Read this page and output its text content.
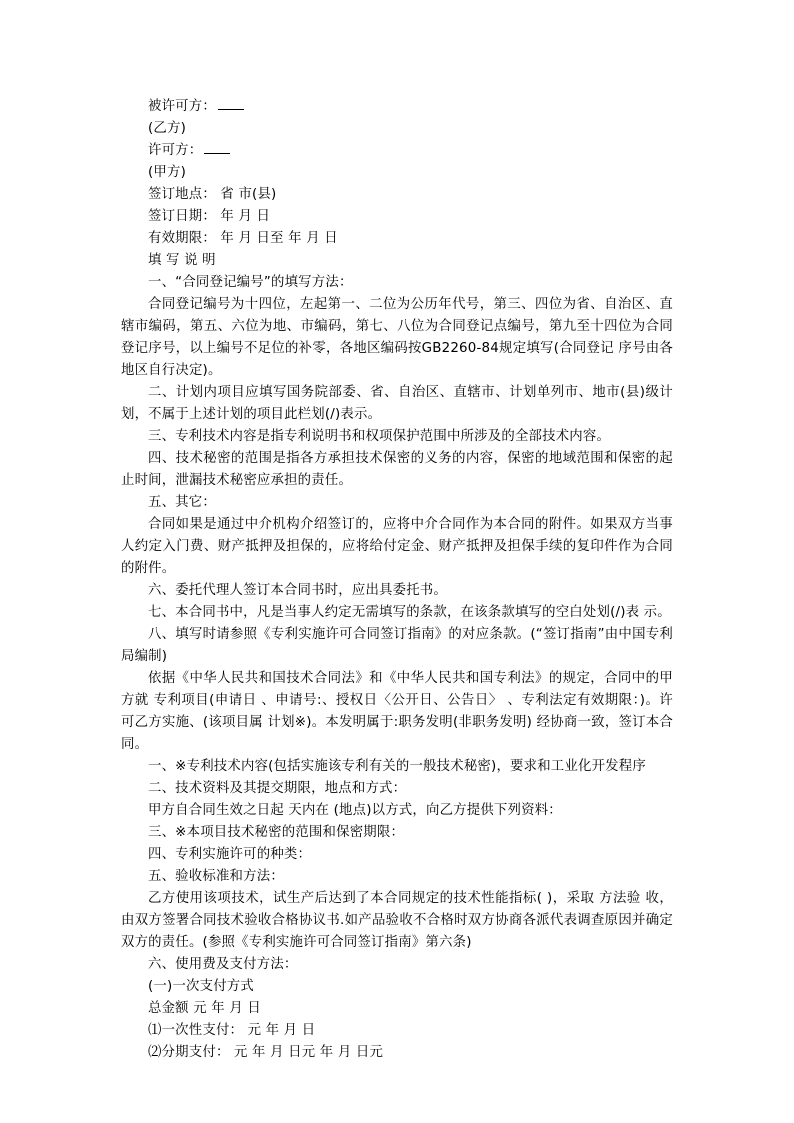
被许可方：

(乙方)

许可方：

(甲方)

签订地点： 省 市(县)

签订日期： 年 月 日

有效期限： 年 月 日至 年 月 日

填 写 说 明

一、“合同登记编号”的填写方法：

合同登记编号为十四位，左起第一、二位为公历年代号，第三、四位为省、自治区、直辖市编码，第五、六位为地、市编码，第七、八位为合同登记点编号，第九至十四位为合同登记序号，以上编号不足位的补零，各地区编码按GB2260-84规定填写(合同登记 序号由各地区自行决定)。

二、计划内项目应填写国务院部委、省、自治区、直辖市、计划单列市、地市(县)级计划，不属于上述计划的项目此栏划(/)表示。

三、专利技术内容是指专利说明书和权项保护范围中所涉及的全部技术内容。

四、技术秘密的范围是指各方承担技术保密的义务的内容，保密的地域范围和保密的起止时间，泄漏技术秘密应承担的责任。

五、其它：

合同如果是通过中介机构介绍签订的，应将中介合同作为本合同的附件。如果双方当事人约定入门费、财产抵押及担保的，应将给付定金、财产抵押及担保手续的复印件作为合同的附件。

六、委托代理人签订本合同书时，应出具委托书。

七、本合同书中，凡是当事人约定无需填写的条款，在该条款填写的空白处划(/)表 示。

八、填写时请参照《专利实施许可合同签订指南》的对应条款。(“签订指南”由中国专利局编制)

依据《中华人民共和国技术合同法》和《中华人民共和国专利法》的规定，合同中的甲方就 专利项目(申请日 、申请号:、授权日〈公开日、公告日〉 、专利法定有效期限：)。许可乙方实施、(该项目属 计划※)。本发明属于:职务发明(非职务发明) 经协商一致，签订本合同。

一、※专利技术内容(包括实施该专利有关的一般技术秘密)，要求和工业化开发程序

二、技术资料及其提交期限，地点和方式：

甲方自合同生效之日起 天内在 (地点)以方式，向乙方提供下列资料：

三、※本项目技术秘密的范围和保密期限：

四、专利实施许可的种类：

五、验收标准和方法：

乙方使用该项技术，试生产后达到了本合同规定的技术性能指标( )，采取 方法验 收，由双方签署合同技术验收合格协议书.如产品验收不合格时双方协商各派代表调查原因并确定双方的责任。(参照《专利实施许可合同签订指南》第六条)

六、使用费及支付方法：

(一)一次支付方式

总金额 元 年 月 日

⑴一次性支付： 元 年 月 日

⑵分期支付： 元 年 月 日元 年 月 日元
